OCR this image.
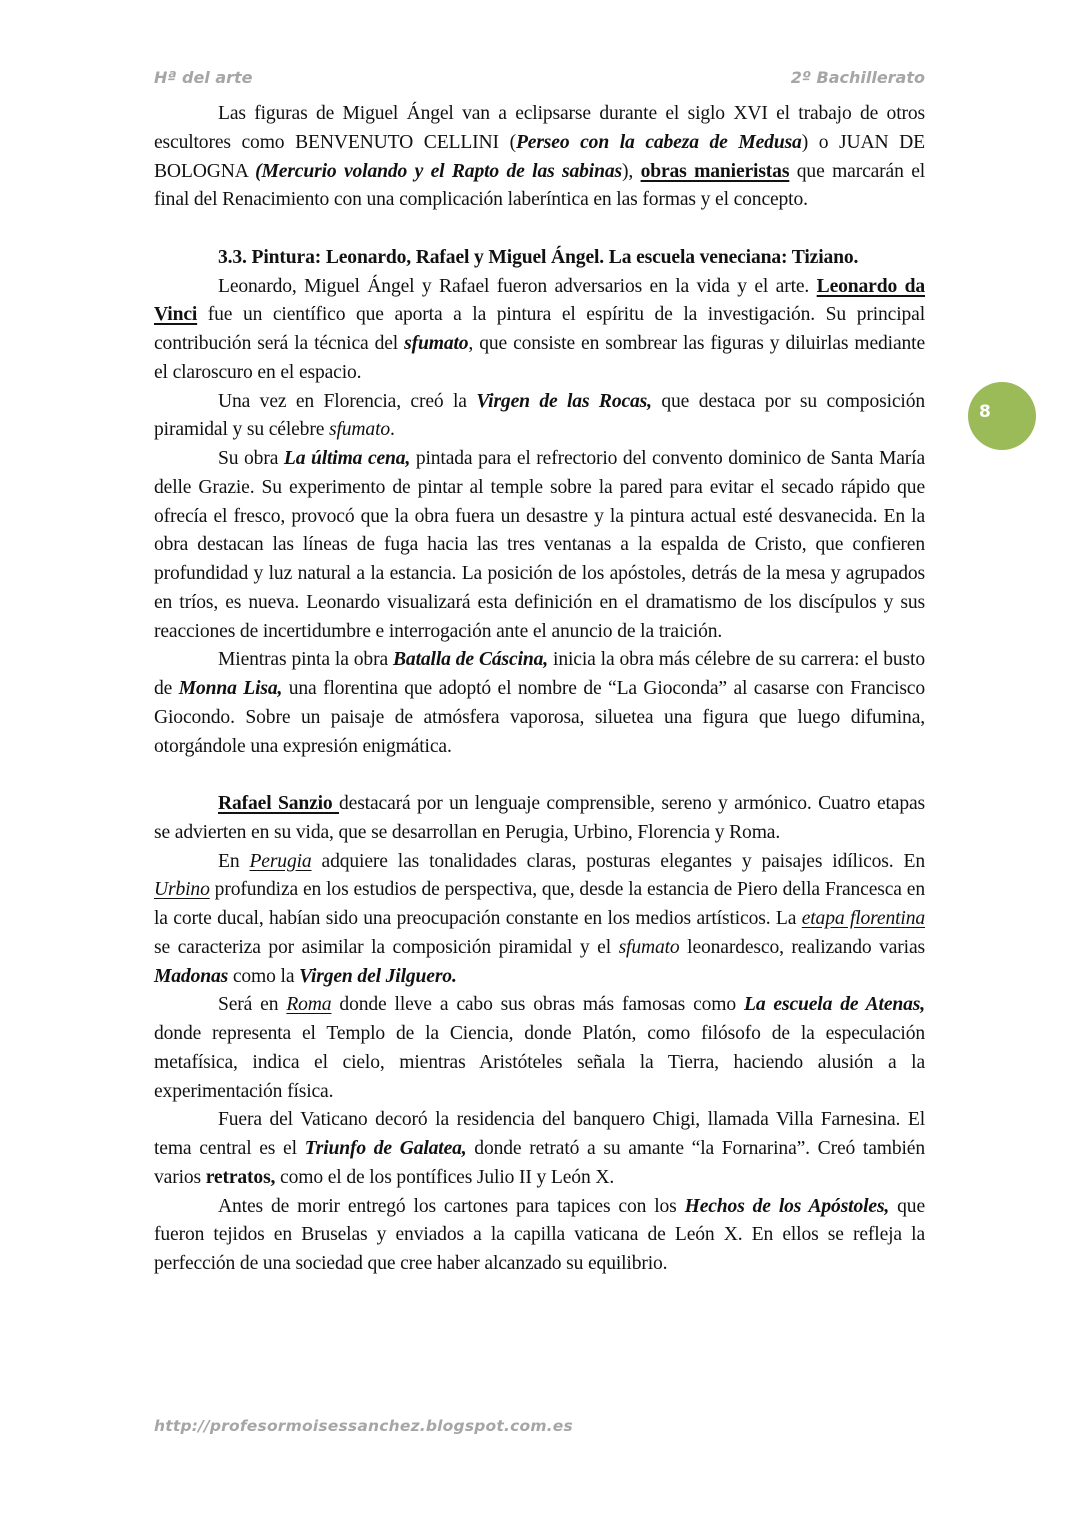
Hª del arte	2º Bachillerato
8

Las figuras de Miguel Ángel van a eclipsarse durante el siglo XVI el trabajo de otros escultores como BENVENUTO CELLINI (Perseo con la cabeza de Medusa) o JUAN DE BOLOGNA (Mercurio volando y el Rapto de las sabinas), obras manieristas que marcarán el final del Renacimiento con una complicación laberíntica en las formas y el concepto.

3.3. Pintura: Leonardo, Rafael y Miguel Ángel. La escuela veneciana: Tiziano.

Leonardo, Miguel Ángel y Rafael fueron adversarios en la vida y el arte. Leonardo da Vinci fue un científico que aporta a la pintura el espíritu de la investigación. Su principal contribución será la técnica del sfumato, que consiste en sombrear las figuras y diluirlas mediante el claroscuro en el espacio.

Una vez en Florencia, creó la Virgen de las Rocas, que destaca por su composición piramidal y su célebre sfumato.

Su obra La última cena, pintada para el refrectorio del convento dominico de Santa María delle Grazie. Su experimento de pintar al temple sobre la pared para evitar el secado rápido que ofrecía el fresco, provocó que la obra fuera un desastre y la pintura actual esté desvanecida. En la obra destacan las líneas de fuga hacia las tres ventanas a la espalda de Cristo, que confieren profundidad y luz natural a la estancia. La posición de los apóstoles, detrás de la mesa y agrupados en tríos, es nueva. Leonardo visualizará esta definición en el dramatismo de los discípulos y sus reacciones de incertidumbre e interrogación ante el anuncio de la traición.

Mientras pinta la obra Batalla de Cáscina, inicia la obra más célebre de su carrera: el busto de Monna Lisa, una florentina que adoptó el nombre de “La Gioconda” al casarse con Francisco Giocondo. Sobre un paisaje de atmósfera vaporosa, siluetea una figura que luego difumina, otorgándole una expresión enigmática.

Rafael Sanzio destacará por un lenguaje comprensible, sereno y armónico. Cuatro etapas se advierten en su vida, que se desarrollan en Perugia, Urbino, Florencia y Roma.

En Perugia adquiere las tonalidades claras, posturas elegantes y paisajes idílicos. En Urbino profundiza en los estudios de perspectiva, que, desde la estancia de Piero della Francesca en la corte ducal, habían sido una preocupación constante en los medios artísticos. La etapa florentina se caracteriza por asimilar la composición piramidal y el sfumato leonardesco, realizando varias Madonas como la Virgen del Jilguero.

Será en Roma donde lleve a cabo sus obras más famosas como La escuela de Atenas, donde representa el Templo de la Ciencia, donde Platón, como filósofo de la especulación metafísica, indica el cielo, mientras Aristóteles señala la Tierra, haciendo alusión a la experimentación física.

Fuera del Vaticano decoró la residencia del banquero Chigi, llamada Villa Farnesina. El tema central es el Triunfo de Galatea, donde retrató a su amante “la Fornarina”. Creó también varios retratos, como el de los pontífices Julio II y León X.

Antes de morir entregó los cartones para tapices con los Hechos de los Apóstoles, que fueron tejidos en Bruselas y enviados a la capilla vaticana de León X. En ellos se refleja la perfección de una sociedad que cree haber alcanzado su equilibrio.

http://profesormoisessanchez.blogspot.com.es
